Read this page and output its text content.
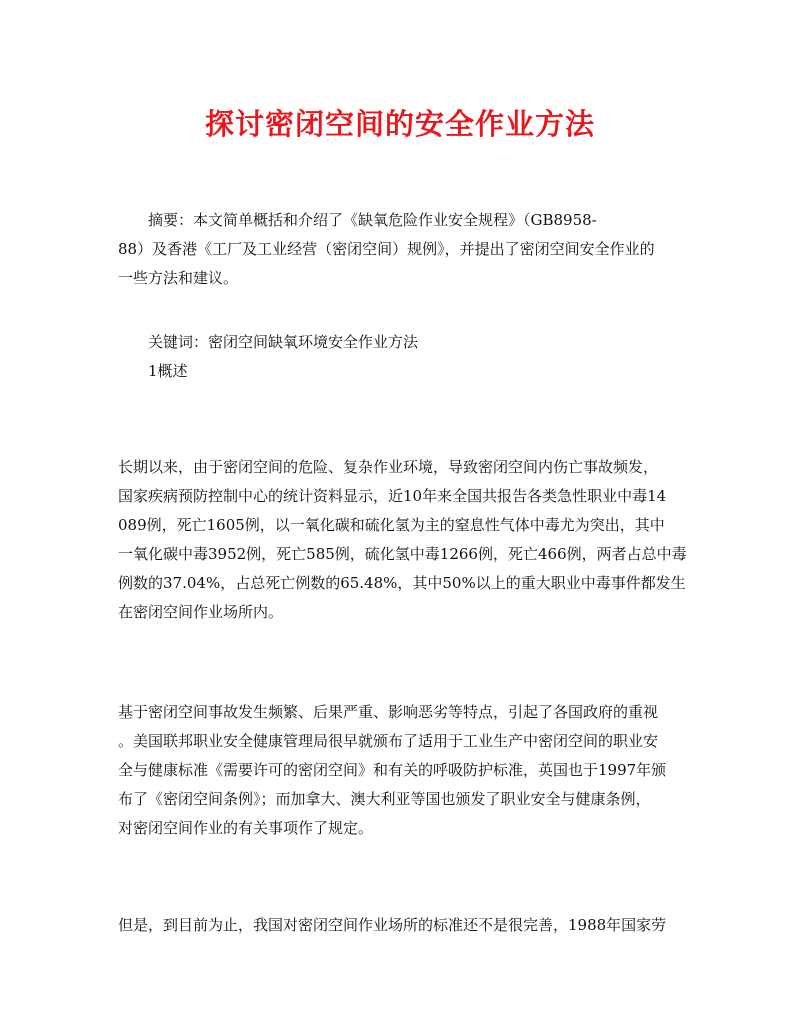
探讨密闭空间的安全作业方法
摘要：本文简单概括和介绍了《缺氧危险作业安全规程》（GB8958-
88）及香港《工厂及工业经营（密闭空间）规例》，并提出了密闭空间安全作业的
一些方法和建议。
关键词：密闭空间缺氧环境安全作业方法
1概述
长期以来，由于密闭空间的危险、复杂作业环境，导致密闭空间内伤亡事故频发，
国家疾病预防控制中心的统计资料显示，近10年来全国共报告各类急性职业中毒14
089例，死亡1605例，以一氧化碳和硫化氢为主的窒息性气体中毒尤为突出，其中
一氧化碳中毒3952例，死亡585例，硫化氢中毒1266例，死亡466例，两者占总中毒
例数的37.04%，占总死亡例数的65.48%，其中50%以上的重大职业中毒事件都发生
在密闭空间作业场所内。
基于密闭空间事故发生频繁、后果严重、影响恶劣等特点，引起了各国政府的重视
。美国联邦职业安全健康管理局很早就颁布了适用于工业生产中密闭空间的职业安
全与健康标准《需要许可的密闭空间》和有关的呼吸防护标准，英国也于1997年颁
布了《密闭空间条例》；而加拿大、澳大利亚等国也颁发了职业安全与健康条例，
对密闭空间作业的有关事项作了规定。
但是，到目前为止，我国对密闭空间作业场所的标准还不是很完善，1988年国家劳
